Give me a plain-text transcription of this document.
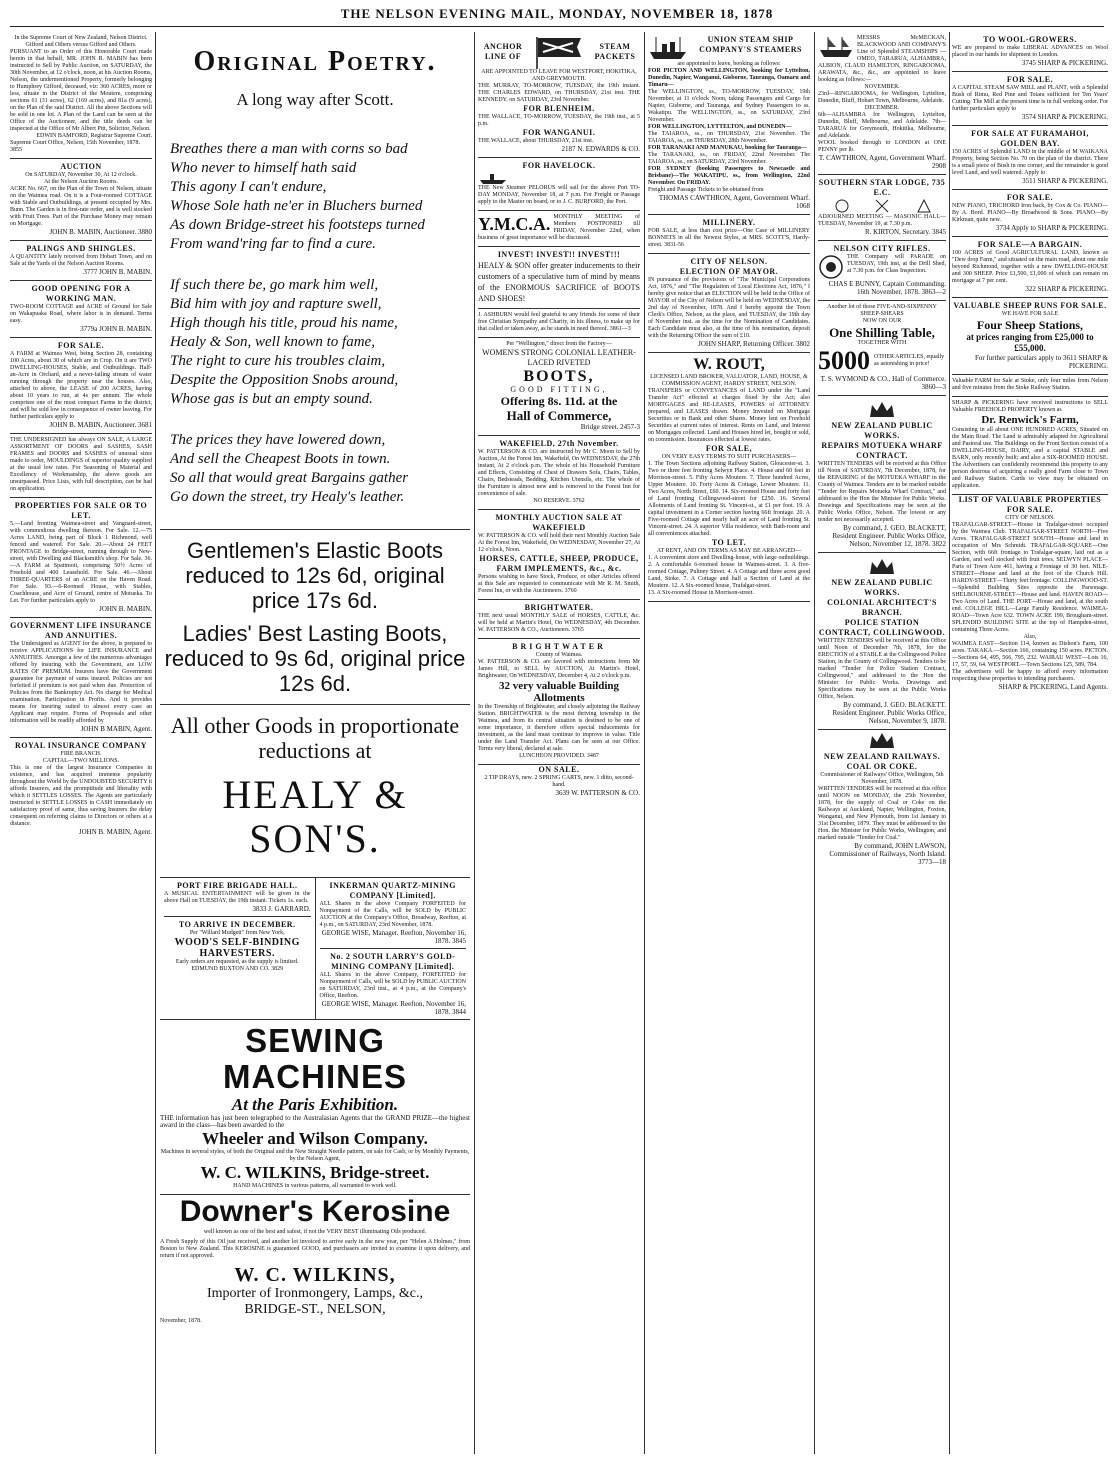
THE NELSON EVENING MAIL, MONDAY, NOVEMBER 18, 1878
In the Supreme Court of New Zealand, Nelson District.
Gifford and Others versus Gifford and Others.
PURSUANT to an Order of this Honorable Court made herein in that behalf, MR. JOHN B. MABIN has been instructed to Sell by Public Auction, on SATURDAY, the 30th November, at 12 o'clock, noon, at his Auction Rooms, Nelson, the undermentioned Property, formerly belonging to Humphrey Gifford, deceased, viz: 360 ACRES, more or less, situate in the District of the Moutere, comprising sections 61 (31 acres), 62 (169 acres), and 81a (9 acres), on the Plan of the said District. All the above Sections will be sold in one lot. A Plan of the Land can be seen at the Office of the Auctioneer, and the title deeds can be inspected at the Office of Mr Albert Pitt, Solicitor, Nelson.
EDWIN BAMFORD, Registrar Supreme Court.
Supreme Court Office, Nelson, 15th November, 1878. 3855
AUCTION
On SATURDAY, November 30, At 12 o'clock.
At the Nelson Auction Rooms.
ACRE No. 667, on the Plan of the Town of Nelson, situate on the Waimea road. On it is a Four-roomed COTTAGE with Stable and Outbuildings, at present occupied by Mrs. Bunn. The Garden is in first-rate order, and is well stocked with Fruit Trees. Part of the Purchase Money may remain on Mortgage.
JOHN B. MABIN, Auctioneer. 3880
PALINGS AND SHINGLES.
A QUANTITY lately received from Hobart Town, and on Sale at the Yards of the Nelson Auction Rooms.
3777 JOHN B. MABIN.
GOOD OPENING FOR A WORKING MAN.
TWO-ROOM COTTAGE and ACRE of Ground for Sale on Wakapuaka Road, where labor is in demand. Terms easy.
3779a JOHN B. MABIN.
FOR SALE.
A FARM at Waimea West, being Section 28, containing 100 Acres, about 30 of which are in Crop. On it are TWO DWELLING-HOUSES, Stable, and Outbuildings. Half-an-Acre in Orchard, and a never-failing stream of water running through the property near the houses. Also, attached to above, the LEASE of 200 ACRES, having about 10 years to run, at 4s per annum. The whole comprises one of the most compact Farms in the district, and will be sold low in consequence of owner leaving. For further particulars apply to
JOHN B. MABIN, Auctioneer. 3681
THE UNDERSIGNED has always ON SALE, A LARGE ASSORTMENT OF DOORS and SASHES, SASH FRAMES and DOORS and SASHES of unusual sizes made to order, MOULDINGS of superior quality supplied at the usual low rates. For Seasoning of Material and Excellency of Workmanship, the above goods are unsurpassed. Price Lists, with full description, can be had on application.
PROPERTIES FOR SALE OR TO LET.
5.—Land fronting Waimea-street and Vanguard-street, with commodious dwelling thereon. For Sale. 12.—75 Acres LAND, being part of Block 1 Richmond, well fenced and watered. For Sale. 20.—About 24 FEET FRONTAGE to Bridge-street, running through to New-street, with Dwelling and Blacksmith's shop. For Sale. 36.—A FARM at Spattmoti, comprising 50½ Acres of Freehold and 400 Leasehold. For Sale. 46.—About THREE-QUARTERS of an ACRE on the Haven Road. For Sale. 93.—6-Roomed House, with Stables, Coachhouse, and Acre of Ground, centre of Motueka. To Let. For further particulars apply to
JOHN B. MABIN.
GOVERNMENT LIFE INSURANCE AND ANNUITIES.
The Undersigned as AGENT for the above, is prepared to receive APPLICATIONS for LIFE INSURANCE and ANNUITIES. Amongst a few of the numerous advantages offered by insuring with the Government, are LOW RATES OF PREMIUM. Insurers have the Government guarantee for payment of sums insured. Policies are not forfeited if premium is not paid when due. Protection of Policies from the Bankruptcy Act. No charge for Medical examination. Participation in Profits. And it provides means for insuring suited to almost every case an Applicant may require. Forms of Proposals and other information will be readily afforded by
JOHN B MABIN, Agent.
ROYAL INSURANCE COMPANY
FIRE BRANCH.
CAPITAL—TWO MILLIONS.
This is one of the largest Insurance Companies in existence, and has acquired immense popularity throughout the World by the UNDOUBTED SECURITY it affords Insurers, and the promptitude and liberality with which it SETTLES LOSSES. The Agents are particularly instructed to SETTLE LOSSES in CASH immediately on satisfactory proof of same, thus saving Insurers the delay consequent on referring claims to Directors or others at a distance.
JOHN B. MABIN, Agent.
Original Poetry.
A long way after Scott.

Breathes there a man with corns so bad
Who never to himself hath said
This agony I can't endure,
Whose Sole hath ne'er in Bluchers burned
As down Bridge-street his footsteps turned
From wand'ring far to find a cure.

If such there be, go mark him well,
Bid him with joy and rapture swell,
High though his title, proud his name,
Healy & Son, well known to fame,
The right to cure his troubles claim,
Despite the Opposition Snobs around,
Whose gas is but an empty sound.

The prices they have lowered down,
And sell the Cheapest Boots in town.
So all that would great Bargains gather
Go down the street, try Healy's leather.

Gentlemen's Elastic Boots reduced to 12s 6d, original price 17s 6d.
Ladies' Best Lasting Boots, reduced to 9s 6d, original price 12s 6d.
All other Goods in proportionate reductions at
HEALY & SON'S.
PORT FIRE BRIGADE HALL.
A MUSICAL ENTERTAINMENT will be given in the above Hall on TUESDAY, the 19th instant. Tickets 1s. each.
3833 J. GARRARD.
TO ARRIVE IN DECEMBER.
Per "Willard Mudgett" from New York,
WOOD'S SELF-BINDING HARVESTERS.
Early orders are requested, as the supply is limited.
EDMUND BUXTON AND CO. 3829
INKERMAN QUARTZ-MINING COMPANY [Limited].
ALL Shares in the above Company FORFEITED for Nonpayment of the Calls, will be SOLD by PUBLIC AUCTION at the Company's Office, Broadway, Reefton, at 4 p.m., on SATURDAY, 23rd November, 1878.
GEORGE WISE, Manager. Reefton, November 16, 1878. 3845
No. 2 SOUTH LARRY'S GOLD-MINING COMPANY [Limited].
ALL Shares in the above Company, FORFEITED for Nonpayment of Calls, will be SOLD by PUBLIC AUCTION on SATURDAY, 23rd inst., at 4 p.m., at the Company's Office, Reefton.
GEORGE WISE, Manager. Reefton, November 16, 1878. 3844
SEWING MACHINES
At the Paris Exhibition.
THE information has just been telegraphed to the Australasian Agents that the GRAND PRIZE—the highest award in the class—has been awarded to the
Wheeler and Wilson Company.
Machines in several styles, of both the Original and the New Straight Needle pattern, on sale for Cash, or by Monthly Payments, by the Nelson Agent,
W. C. WILKINS, Bridge-street.
HAND MACHINES in various patterns, all warranted to work well.
Downer's Kerosine
well known as one of the best and safest, if not the VERY BEST illuminating Oils produced.
A Fresh Supply of this Oil just received, and another lot invoiced to arrive early in the new year, per "Helen A Holmes," from Boston to New Zealand. This KEROSINE is guaranteed GOOD, and purchasers are invited to examine it upon delivery, and return if not approved.
W. C. WILKINS,
Importer of Ironmongery, Lamps, &c.,
BRIDGE-ST., NELSON,
November, 1878.
ANCHOR LINE OF
STEAM PACKETS
ARE APPOINTED TO LEAVE FOR WESTPORT, HOKITIKA, AND GREYMOUTH.
THE MURRAY, TO-MORROW, TUESDAY, the 19th instant. THE CHARLES EDWARD, on THURSDAY, 21st inst. THE KENNEDY, on SATURDAY, 23rd November.
FOR BLENHEIM.
THE WALLACE, TO-MORROW, TUESDAY, the 19th inst., at 5 p.m.
FOR WANGANUI.
THE WALLACE, about THURSDAY, 21st inst.
2187 N. EDWARDS & CO.
FOR HAVELOCK.
THE New Steamer PELORUS will sail for the above Port TO-DAY MONDAY, November 18, at 7 p.m. For Freight or Passage apply to the Master on board, or to J. C. BURFORD, the Port.
Y.M.C.A. MONTHLY MEETING of Members POSTPONED till FRIDAY, November 22nd, when business of great importance will be discussed.
INVEST! INVEST!! INVEST!!!
HEALY & SON offer greater inducements to their customers of a speculative turn of mind by means of the ENORMOUS SACRIFICE of BOOTS AND SHOES!
J. ASHBURN would feel grateful to any friends for some of their free Christian Sympathy and Charity, in his illness, to make up for that called or taken away, as he stands in need thereof. 3861—3
Per "Wellington," direct from the Factory—
WOMEN'S STRONG COLONIAL LEATHER-LACED RIVETED
BOOTS,
GOOD FITTING,
Offering 8s. 11d. at the
Hall of Commerce,
Bridge street. 2457-3
WAKEFIELD, 27th November.
W. PATTERSON & CO. are instructed by Mr C. Moon to Sell by Auction, At the Forest Inn, Wakefield, On WEDNESDAY, the 27th instant, At 2 o'clock p.m. The whole of his Household Furniture and Effects, Consisting of Chest of Drawers Sofa, Chairs, Tables, Chairs, Bedsteads, Bedding, Kitchen Utensils, etc. The whole of the Furniture is almost new and is removed to the Forest Inn for convenience of sale.
NO RESERVE. 3762
MONTHLY AUCTION SALE AT WAKEFIELD
W. PATTERSON & CO. will hold their next Monthly Auction Sale At the Forest Inn, Wakefield, On WEDNESDAY, November 27, At 12 o'clock, Noon.
HORSES, CATTLE, SHEEP, PRODUCE, FARM IMPLEMENTS, &c., &c.
Persons wishing to have Stock, Produce, or other Articles offered at this Sale are requested to communicate with Mr R. M. Smith, Forest Inn, or with the Auctioneers. 3760
BRIGHTWATER.
THE next usual MONTHLY SALE of HORSES, CATTLE, &c. will be held at Martin's Hotel, On WEDNESDAY, 4th December. W. PATTERSON & CO., Auctioneers. 3765
BRIGHTWATER
County of Waimea.
W. PATTERSON & CO. are favored with instructions from Mr James Hill, to SELL by AUCTION, At Martin's Hotel, Brightwater, On WEDNESDAY, December 4, At 2 o'clock p.m.
32 very valuable Building Allotments
In the Township of Brightwater, and closely adjoining the Railway Station. BRIGHTWATER is the most thriving township in the Waimea, and from its central situation is destined to be one of some importance, it therefore offers special inducements for investment, as the land must continue to improve in value. Title under the Land Transfer Act. Plans can be seen at our Office. Terms very liberal, declared at sale.
LUNCHEON PROVIDED. 3487
ON SALE.
2 TIP DRAYS, new. 2 SPRING CARTS, new. 1 ditto, second-hand.
3639 W. PATTERSON & CO.
UNION STEAM SHIP COMPANY'S STEAMERS
are appointed to leave, booking as follows:
FOR PICTON AND WELLINGTON, booking for Lyttelton, Dunedin, Napier, Wanganui, Gisborne, Tauranga, Oamaru and Timaru—
The WELLINGTON, ss., TO-MORROW, TUESDAY, 19th November, at 11 o'clock Noon, taking Passengers and Cargo for Napier, Gisborne, and Tauranga, and Sydney Passengers to ss. Wakatipu. The WELLINGTON, ss., on SATURDAY, 23rd November.
FOR WELLINGTON, LYTTELTON, and DUNEDIN—
The TAIAROA, ss., on THURSDAY, 21st November. The TAIAROA, ss., on THURSDAY, 28th November.
FOR TARANAKI AND MANUKAU, booking for Tauranga—
The TARANAKI, ss., on FRIDAY, 22nd November. The TAIAROA, ss., on SATURDAY, 23rd November.
FOR SYDNEY (booking Passengers to Newcastle and Brisbane)—The WAKATIPU, ss., from Wellington, 22nd November. On FRIDAY.
Freight and Passage Tickets to be obtained from
THOMAS CAWTHRON, Agent, Government Wharf. 1068
MILLINERY.
FOR SALE, at less than cost price—One Case of MILLINERY BONNETS in all the Newest Styles, at MRS. SCOTT'S, Hardy-street. 3831-56
CITY OF NELSON.
ELECTION OF MAYOR.
IN pursuance of the provisions of "The Municipal Corporations Act, 1876," and "The Regulation of Local Elections Act, 1876," I hereby give notice that an ELECTION will be held in the Office of MAYOR of the City of Nelson will be held on WEDNESDAY, the 2nd day of November, 1878. And I hereby appoint the Town Clerk's Office, Nelson, as the place, and TUESDAY, the 19th day of November inst. as the time for the Nomination of Candidates. Each Candidate must also, at the time of his nomination, deposit with the Returning Officer the sum of £10.
JOHN SHARP, Returning Officer. 3802
W. ROUT,
LICENSED LAND BROKER, VALUATOR, LAND, HOUSE, & COMMISSION AGENT, HARDY STREET, NELSON.
TRANSFERS or CONVEYANCES of LAND under the "Land Transfer Act" effected at charges fixed by the Act; also MORTGAGES and RE-LEASES, POWERS of ATTORNEY prepared, and LEASES drawn. Money Invested on Mortgage Securities or in Bank and other Shares. Money lent on Freehold Securities at current rates of interest. Rents on Land, and Interest on Mortgages collected. Land and Houses hired let, bought or sold, on commission. Insurances effected at lowest rates.
FOR SALE,
ON VERY EASY TERMS TO SUIT PURCHASERS—
1. The Town Sections adjoining Railway Station, Gloucester-st. 3. Two or three feet fronting Selwyn Place. 4. House and 60 feet in Morrison-street. 5. Fifty Acres Moutere. 7. Three hundred Acres, Upper Moutere. 10. Forty Acres & Cottage, Lower Moutere. 11. Two Acres, North Street, £60. 14. Six-roomed House and forty feet of Land fronting Collingwood-street for £250. 16. Several Allotments of Land fronting St. Vincent-st., at £1 per foot. 19. A capital investment in a Corner section having 66ft frontage. 20. A Five-roomed Cottage and nearly half an acre of Land fronting St. Vincent-street. 24. A superior Villa residence, with Bath-room and all conveniences attached.
TO LET.
AT RENT, AND ON TERMS AS MAY BE ARRANGED—
1. A convenient store and Dwelling-house, with large outbuildings. 2. A comfortable 6-roomed house in Waimea-street. 3. A five-roomed Cottage, Pultney Street. 4. A Cottage and three acres good Land, Stoke. 7. A Cottage and half a Section of Land at the Moutere. 12. A Six-roomed house, Trafalgar-street.
13. A Six-roomed House in Morrison-street.
MESSRS McMECKAN, BLACKWOOD AND COMPANY'S Line of Splendid STEAMSHIPS — OMEO, TARARUA, ALHAMBRA, ALBION, CLAUD HAMILTON, RINGAROOMA, ARAWATA, &c., &c., are appointed to leave booking as follows:—
NOVEMBER.
23rd—RINGAROOMA, for Wellington, Lyttelton, Dunedin, Bluff, Hobart Town, Melbourne, Adelaide.
DECEMBER.
6th—ALHAMBRA for Wellington, Lyttelton, Dunedin, Bluff, Melbourne, and Adelaide. 7th—TARARUA for Greymouth, Hokitika, Melbourne, and Adelaide.
WOOL booked through to LONDON at ONE PENNY per lb.
T. CAWTHRON, Agent, Government Wharf. 2908
SOUTHERN STAR LODGE, 735 E.C.
ADJOURNED MEETING — MASONIC HALL—TUESDAY, November 19, at 7.30 p.m.
R. KIRTON, Secretary. 3845
NELSON CITY RIFLES.
THE Company will PARADE on TUESDAY, 19th inst, at the Drill Shed, at 7.30 p.m. for Class Inspection.
CHAS E BUNNY, Captain Commanding. 16th November, 1878. 3863—2
Another lot of those FIVE-AND-SIXPENNY SHEEP-SHEARS
NOW ON OUR
One Shilling Table,
TOGETHER WITH
5000 OTHER ARTICLES, equally as astonishing in price!
T. S. WYMOND & CO., Hall of Commerce. 3860—3
NEW ZEALAND PUBLIC WORKS.
REPAIRS MOTUEKA WHARF CONTRACT.
WRITTEN TENDERS will be received at this Office till Noon of SATURDAY, 7th December, 1878, for the REPAIRING of the MOTUEKA WHARF in the County of Waimea. Tenders are to be marked outside "Tender for Repairs Motueka Wharf Contract," and addressed to the Hon the Minister for Public Works. Drawings and Specifications may be seen at the Public Works Office, Nelson. The lowest or any tender not necessarily accepted.
By command, J. GEO. BLACKETT, Resident Engineer. Public Works Office, Nelson, November 12, 1878. 3822
NEW ZEALAND PUBLIC WORKS.
COLONIAL ARCHITECT'S BRANCH.
POLICE STATION CONTRACT, COLLINGWOOD.
WRITTEN TENDERS will be received at this Office until Noon of December 7th, 1878, for the ERECTION of a STABLE at the Collingwood Police Station, in the County of Collingwood. Tenders to be marked "Tender for Police Station Contract, Collingwood," and addressed to the Hon the Minister for Public Works. Drawings and Specifications may be seen at the Public Works Office, Nelson.
By command, J. GEO. BLACKETT. Resident Engineer. Public Works Office, Nelson, November 9, 1878.
NEW ZEALAND RAILWAYS.
COAL OR COKE.
Commissioner of Railways' Office, Wellington, 5th November, 1878.
WRITTEN TENDERS will be received at this office until NOON on MONDAY, the 25th November, 1878, for the supply of Coal or Coke on the Railways at Auckland, Napier, Wellington, Foxton, Wanganui, and New Plymouth, from 1st January to 31st December, 1879. They must be addressed to the Hon. the Minister for Public Works, Wellington, and marked outside "Tender for Coal."
By command, JOHN LAWSON, Commissioner of Railways, North Island. 3773—18
TO WOOL-GROWERS.
WE are prepared to make LIBERAL ADVANCES on Wool placed in our hands for shipment to London.
3745 SHARP & PICKERING.
FOR SALE.
A CAPITAL STEAM SAW MILL and PLANT, with a Splendid Bush of Rimu, Red Pine and Totara sufficient for Ten Years' Cutting. The Mill at the present time is in full working order. For further particulars apply to
3574 SHARP & PICKERING.
FOR SALE AT FURAMAHOI, GOLDEN BAY.
150 ACRES of Splendid LAND in the middle of M WAIKANA Property, being Section No. 70 on the plan of the district. There is a small piece of Bush in one corner, and the remainder is good level Land, and well watered. Apply to
3511 SHARP & PICKERING.
FOR SALE.
NEW PIANO, TRICHORD Iron back, by Cox & Co. PIANO—By A. Bord. PIANO—By Broadwood & Sons. PIANO—By Kirkman, quite new.
3734 Apply to SHARP & PICKERING.
FOR SALE—A BARGAIN.
100 ACRES of Good AGRICULTURAL LAND, known as "Dew drop Farm," and situated on the main road, about one mile beyond Richmond, together with a new DWELLING-HOUSE and 300 SHEEP. Price £1,500, £1,000 of which can remain on mortgage at 7 per cent.
322 SHARP & PICKERING.
VALUABLE SHEEP RUNS FOR SALE.
WE HAVE FOR SALE
Four Sheep Stations,
at prices ranging from £25,000 to £55,000.
For further particulars apply to 3611 SHARP & PICKERING.
Valuable FARM for Sale at Stoke, only four miles from Nelson and five minutes from the Stoke Railway Station.
SHARP & PICKERING have received instructions to SELL Valuable FREEHOLD PROPERTY known as
Dr. Renwick's Farm,
Consisting in all about ONE HUNDRED ACRES, Situated on the Main Road. The Land is admirably adapted for Agricultural and Pastoral use. The Buildings on the Front Section consist of a DWELLING-HOUSE, DAIRY, and a capital STABLE and BARN, only recently built; and also a SIX-ROOMED HOUSE. The Advertisers can confidently recommend this property to any person desirous of acquiring a really good Farm close to Town and Railway Station. Cards to view may be obtained on application.
LIST OF VALUABLE PROPERTIES FOR SALE.
CITY OF NELSON.
TRAFALGAR-STREET—House in Trafalgar-street occupied by the Waimea Club. TRAFALGAR-STREET NORTH—Five Acres. TRAFALGAR-STREET SOUTH—House and land in occupation of Mrs Schmidt. TRAFALGAR-SQUARE—One Section, with 66ft frontage to Trafalgar-square, laid out as a Garden, and well stocked with fruit trees. SELWYN PLACE—Parts of Town Acre 461, having a Frontage of 30 feet. NILE-STREET—House and land at the foot of the Church Hill. HARDY-STREET—Thirty feet frontage. COLLINGWOOD-ST.—Splendid Building Sites opposite the Parsonage. SHELBOURNE-STREET—House and land. HAVEN ROAD—Two Acres of Land. THE PORT—House and land, at the south end. COLLEGE HILL—Large Family Residence. WAIMEA-ROAD—Town Acre 632. TOWN ACRE 199, Brougham-street. SPLENDID BUILDING SITE at the top of Hampden-street, containing Three Acres.
Also,
WAIMEA EAST—Section 114, known as Dishon's Farm, 100 acres. TAKAKA.—Section 166, containing 150 acres. PICTON.—Sections 64, 495, 566, 795, 232. WAIRAU WEST—Lots 16, 17, 57, 59, 64. WESTPORT.—Town Sections 125, 589, 784.
The advertisers will be happy to afford every information respecting these properties to intending purchasers.
SHARP & PICKERING, Land Agents.
